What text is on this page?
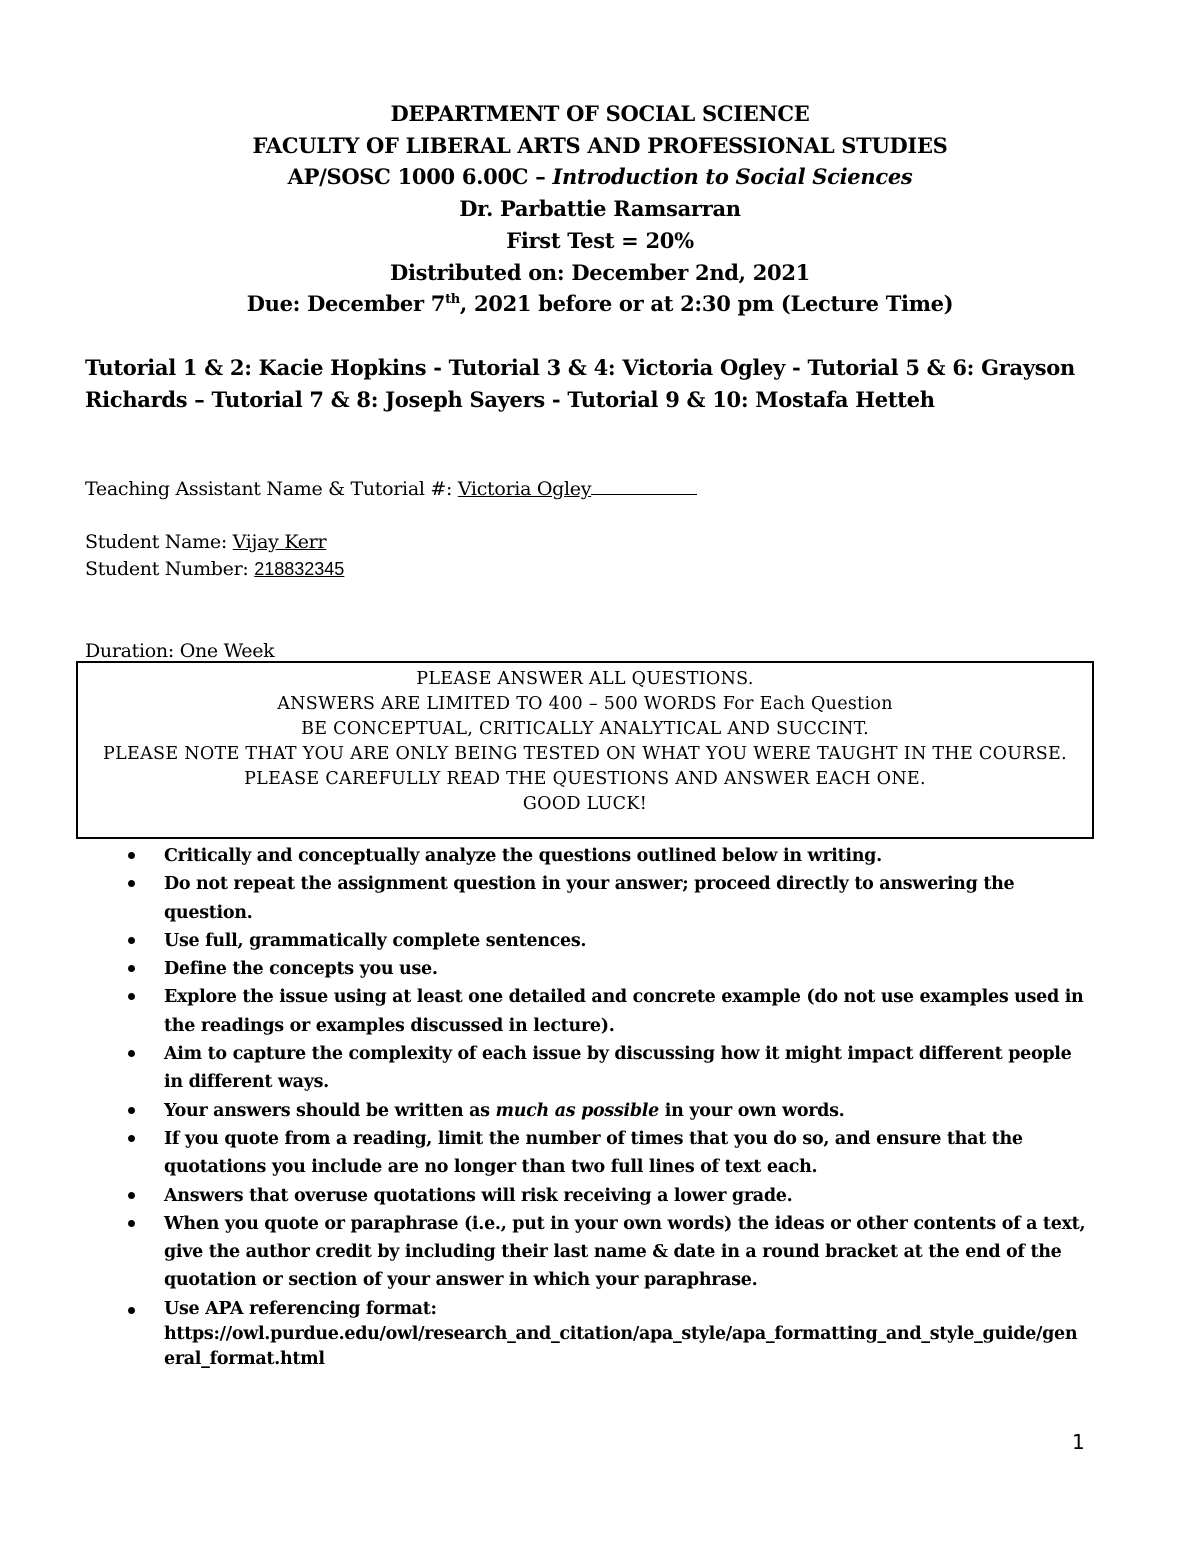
DEPARTMENT OF SOCIAL SCIENCE
FACULTY OF LIBERAL ARTS AND PROFESSIONAL STUDIES
AP/SOSC 1000 6.00C – Introduction to Social Sciences
Dr. Parbattie Ramsarran
First Test = 20%
Distributed on: December 2nd, 2021
Due: December 7th, 2021 before or at 2:30 pm (Lecture Time)
Tutorial 1 & 2: Kacie Hopkins - Tutorial 3 & 4: Victoria Ogley - Tutorial 5 & 6: Grayson Richards – Tutorial 7 & 8: Joseph Sayers - Tutorial 9 & 10: Mostafa Hetteh
Teaching Assistant Name & Tutorial #: Victoria Ogley
Student Name: Vijay Kerr
Student Number: 218832345
Duration: One Week
PLEASE ANSWER ALL QUESTIONS.
ANSWERS ARE LIMITED TO 400 – 500 WORDS For Each Question
BE CONCEPTUAL, CRITICALLY ANALYTICAL AND SUCCINT.
PLEASE NOTE THAT YOU ARE ONLY BEING TESTED ON WHAT YOU WERE TAUGHT IN THE COURSE.
PLEASE CAREFULLY READ THE QUESTIONS AND ANSWER EACH ONE.
GOOD LUCK!
Critically and conceptually analyze the questions outlined below in writing.
Do not repeat the assignment question in your answer; proceed directly to answering the question.
Use full, grammatically complete sentences.
Define the concepts you use.
Explore the issue using at least one detailed and concrete example (do not use examples used in the readings or examples discussed in lecture).
Aim to capture the complexity of each issue by discussing how it might impact different people in different ways.
Your answers should be written as much as possible in your own words.
If you quote from a reading, limit the number of times that you do so, and ensure that the quotations you include are no longer than two full lines of text each.
Answers that overuse quotations will risk receiving a lower grade.
When you quote or paraphrase (i.e., put in your own words) the ideas or other contents of a text, give the author credit by including their last name & date in a round bracket at the end of the quotation or section of your answer in which your paraphrase.
Use APA referencing format:
https://owl.purdue.edu/owl/research_and_citation/apa_style/apa_formatting_and_style_guide/general_format.html
1
